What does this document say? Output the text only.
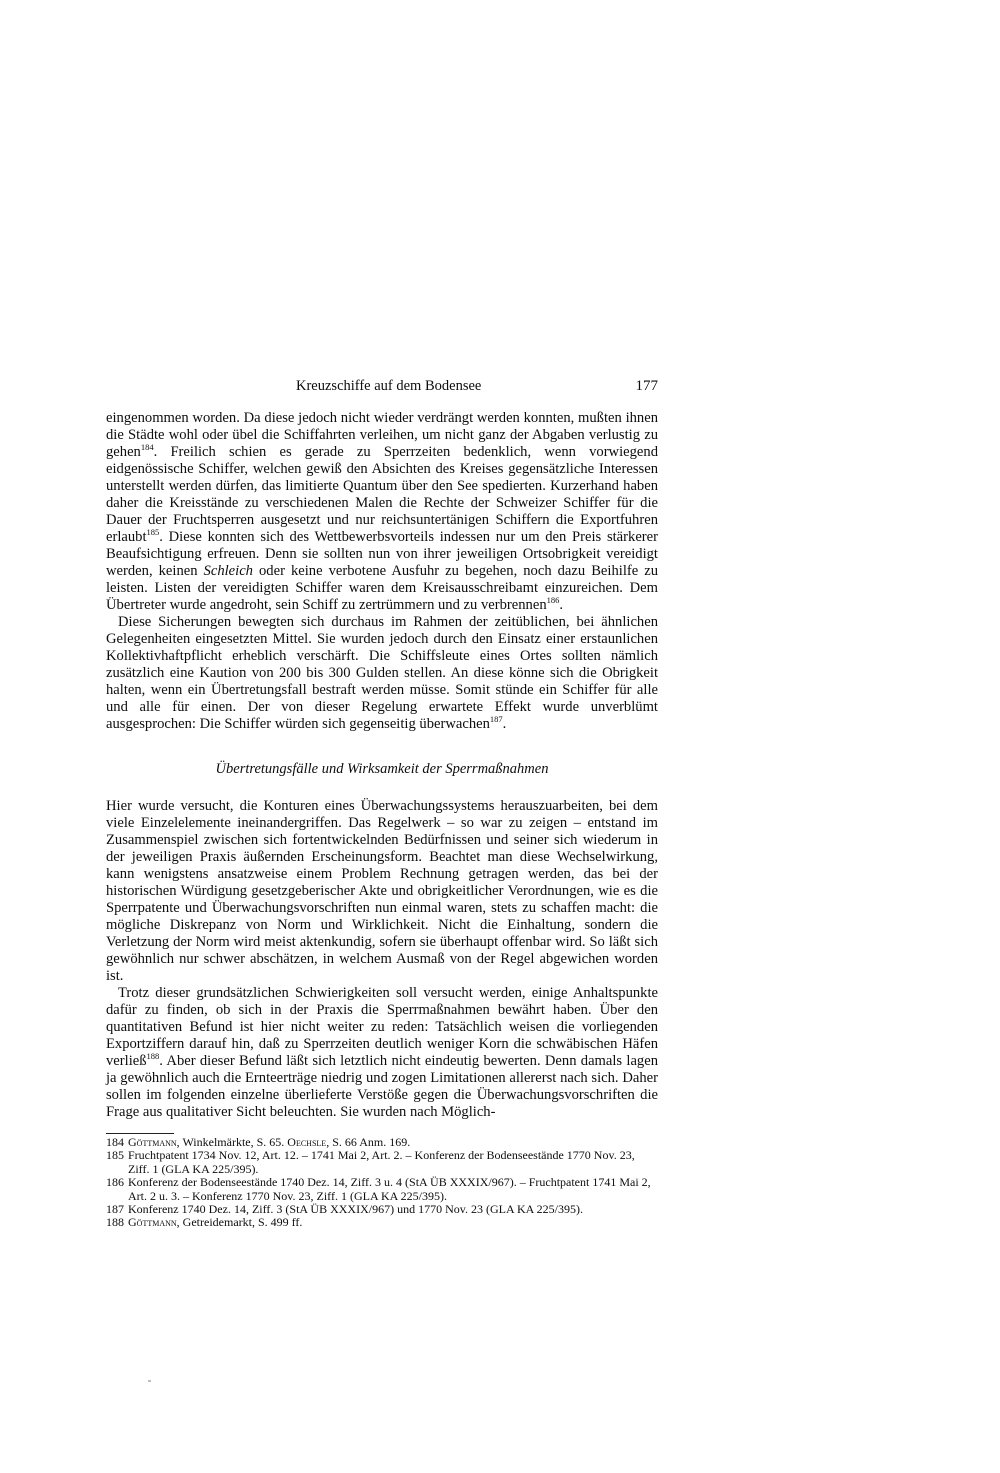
Kreuzschiffe auf dem Bodensee	177

eingenommen worden. Da diese jedoch nicht wieder verdrängt werden konnten, mußten ihnen die Städte wohl oder übel die Schiffahrten verleihen, um nicht ganz der Abgaben verlustig zu gehen$^{184}$. Freilich schien es gerade zu Sperrzeiten bedenklich, wenn vorwiegend eidgenössische Schiffer, welchen gewiß den Absichten des Kreises gegensätzliche Interessen unterstellt werden dürfen, das limitierte Quantum über den See spedierten. Kurzerhand haben daher die Kreisstände zu verschiedenen Malen die Rechte der Schweizer Schiffer für die Dauer der Fruchtsperren ausgesetzt und nur reichsuntertänigen Schiffern die Exportfuhren erlaubt$^{185}$. Diese konnten sich des Wettbewerbsvorteils indessen nur um den Preis stärkerer Beaufsichtigung erfreuen. Denn sie sollten nun von ihrer jeweiligen Ortsobrigkeit vereidigt werden, keinen Schleich oder keine verbotene Ausfuhr zu begehen, noch dazu Beihilfe zu leisten. Listen der vereidigten Schiffer waren dem Kreisausschreibamt einzureichen. Dem Übertreter wurde angedroht, sein Schiff zu zertrümmern und zu verbrennen$^{186}$.

Diese Sicherungen bewegten sich durchaus im Rahmen der zeitüblichen, bei ähnlichen Gelegenheiten eingesetzten Mittel. Sie wurden jedoch durch den Einsatz einer erstaunlichen Kollektivhaftpflicht erheblich verschärft. Die Schiffsleute eines Ortes sollten nämlich zusätzlich eine Kaution von 200 bis 300 Gulden stellen. An diese könne sich die Obrigkeit halten, wenn ein Übertretungsfall bestraft werden müsse. Somit stünde ein Schiffer für alle und alle für einen. Der von dieser Regelung erwartete Effekt wurde unverblümt ausgesprochen: Die Schiffer würden sich gegenseitig überwachen$^{187}$.

Übertretungsfälle und Wirksamkeit der Sperrmaßnahmen

Hier wurde versucht, die Konturen eines Überwachungssystems herauszuarbeiten, bei dem viele Einzelelemente ineinandergriffen. Das Regelwerk – so war zu zeigen – entstand im Zusammenspiel zwischen sich fortentwickelnden Bedürfnissen und seiner sich wiederum in der jeweiligen Praxis äußernden Erscheinungsform. Beachtet man diese Wechselwirkung, kann wenigstens ansatzweise einem Problem Rechnung getragen werden, das bei der historischen Würdigung gesetzgeberischer Akte und obrigkeitlicher Verordnungen, wie es die Sperrpatente und Überwachungsvorschriften nun einmal waren, stets zu schaffen macht: die mögliche Diskrepanz von Norm und Wirklichkeit. Nicht die Einhaltung, sondern die Verletzung der Norm wird meist aktenkundig, sofern sie überhaupt offenbar wird. So läßt sich gewöhnlich nur schwer abschätzen, in welchem Ausmaß von der Regel abgewichen worden ist.

Trotz dieser grundsätzlichen Schwierigkeiten soll versucht werden, einige Anhaltspunkte dafür zu finden, ob sich in der Praxis die Sperrmaßnahmen bewährt haben. Über den quantitativen Befund ist hier nicht weiter zu reden: Tatsächlich weisen die vorliegenden Exportziffern darauf hin, daß zu Sperrzeiten deutlich weniger Korn die schwäbischen Häfen verließ$^{188}$. Aber dieser Befund läßt sich letztlich nicht eindeutig bewerten. Denn damals lagen ja gewöhnlich auch die Ernteerträge niedrig und zogen Limitationen allererst nach sich. Daher sollen im folgenden einzelne überlieferte Verstöße gegen die Überwachungsvorschriften die Frage aus qualitativer Sicht beleuchten. Sie wurden nach Möglich-

184 Göttmann, Winkelmärkte, S. 65. Oechsle, S. 66 Anm. 169.
185 Fruchtpatent 1734 Nov. 12, Art. 12. – 1741 Mai 2, Art. 2. – Konferenz der Bodenseestände 1770 Nov. 23, Ziff. 1 (GLA KA 225/395).
186 Konferenz der Bodenseestände 1740 Dez. 14, Ziff. 3 u. 4 (StA ÜB XXXIX/967). – Fruchtpatent 1741 Mai 2, Art. 2 u. 3. – Konferenz 1770 Nov. 23, Ziff. 1 (GLA KA 225/395).
187 Konferenz 1740 Dez. 14, Ziff. 3 (StA ÜB XXXIX/967) und 1770 Nov. 23 (GLA KA 225/395).
188 Göttmann, Getreidemarkt, S. 499 ff.
